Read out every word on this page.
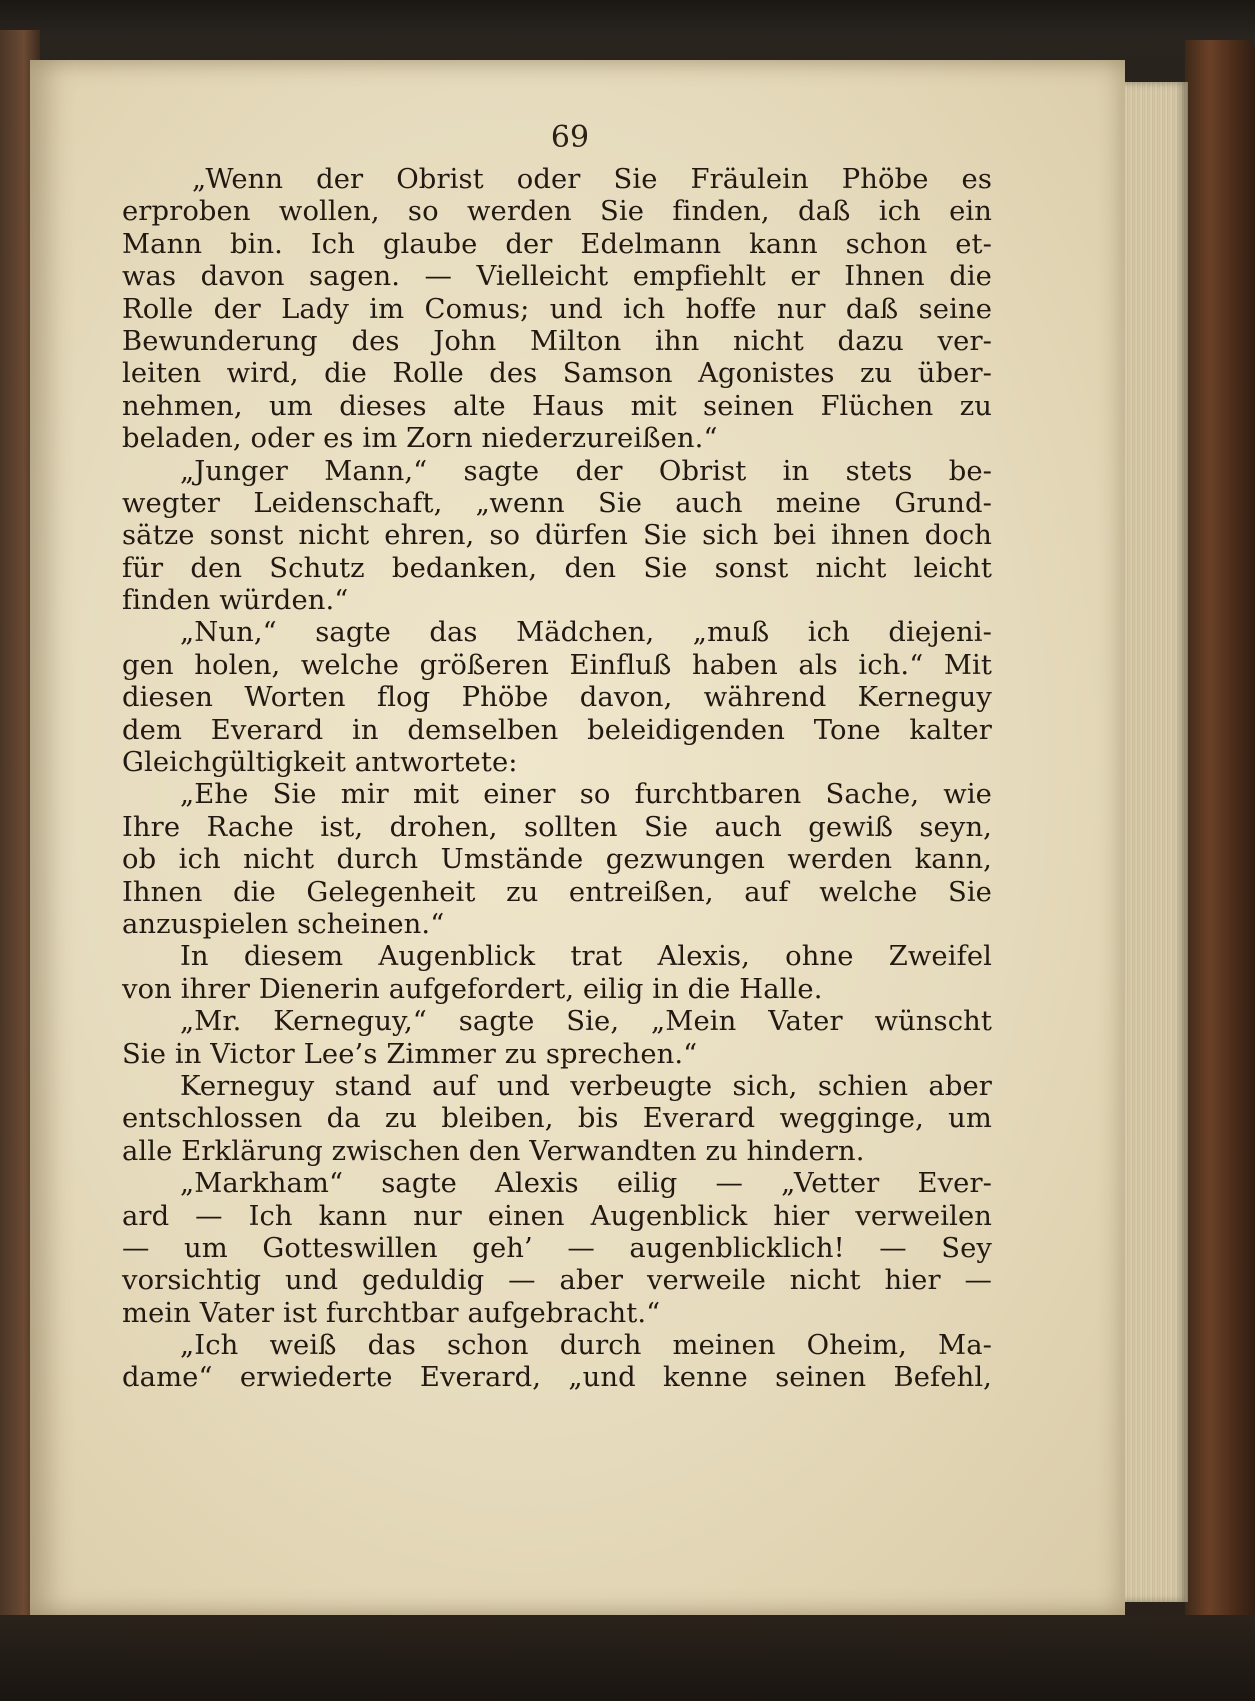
69
„Wenn der Obrist oder Sie Fräulein Phöbe es
erproben wollen, so werden Sie finden, daß ich ein
Mann bin. Ich glaube der Edelmann kann schon et-
was davon sagen. — Vielleicht empfiehlt er Ihnen die
Rolle der Lady im Comus; und ich hoffe nur daß seine
Bewunderung des John Milton ihn nicht dazu ver-
leiten wird, die Rolle des Samson Agonistes zu über-
nehmen, um dieses alte Haus mit seinen Flüchen zu
beladen, oder es im Zorn niederzureißen.“
„Junger Mann,“ sagte der Obrist in stets be-
wegter Leidenschaft, „wenn Sie auch meine Grund-
sätze sonst nicht ehren, so dürfen Sie sich bei ihnen doch
für den Schutz bedanken, den Sie sonst nicht leicht
finden würden.“
„Nun,“ sagte das Mädchen, „muß ich diejeni-
gen holen, welche größeren Einfluß haben als ich.“ Mit
diesen Worten flog Phöbe davon, während Kerneguy
dem Everard in demselben beleidigenden Tone kalter
Gleichgültigkeit antwortete:
„Ehe Sie mir mit einer so furchtbaren Sache, wie
Ihre Rache ist, drohen, sollten Sie auch gewiß seyn,
ob ich nicht durch Umstände gezwungen werden kann,
Ihnen die Gelegenheit zu entreißen, auf welche Sie
anzuspielen scheinen.“
In diesem Augenblick trat Alexis, ohne Zweifel
von ihrer Dienerin aufgefordert, eilig in die Halle.
„Mr. Kerneguy,“ sagte Sie, „Mein Vater wünscht
Sie in Victor Lee’s Zimmer zu sprechen.“
Kerneguy stand auf und verbeugte sich, schien aber
entschlossen da zu bleiben, bis Everard wegginge, um
alle Erklärung zwischen den Verwandten zu hindern.
„Markham“ sagte Alexis eilig — „Vetter Ever-
ard — Ich kann nur einen Augenblick hier verweilen
— um Gotteswillen geh’ — augenblicklich! — Sey
vorsichtig und geduldig — aber verweile nicht hier —
mein Vater ist furchtbar aufgebracht.“
„Ich weiß das schon durch meinen Oheim, Ma-
dame“ erwiederte Everard, „und kenne seinen Befehl,
